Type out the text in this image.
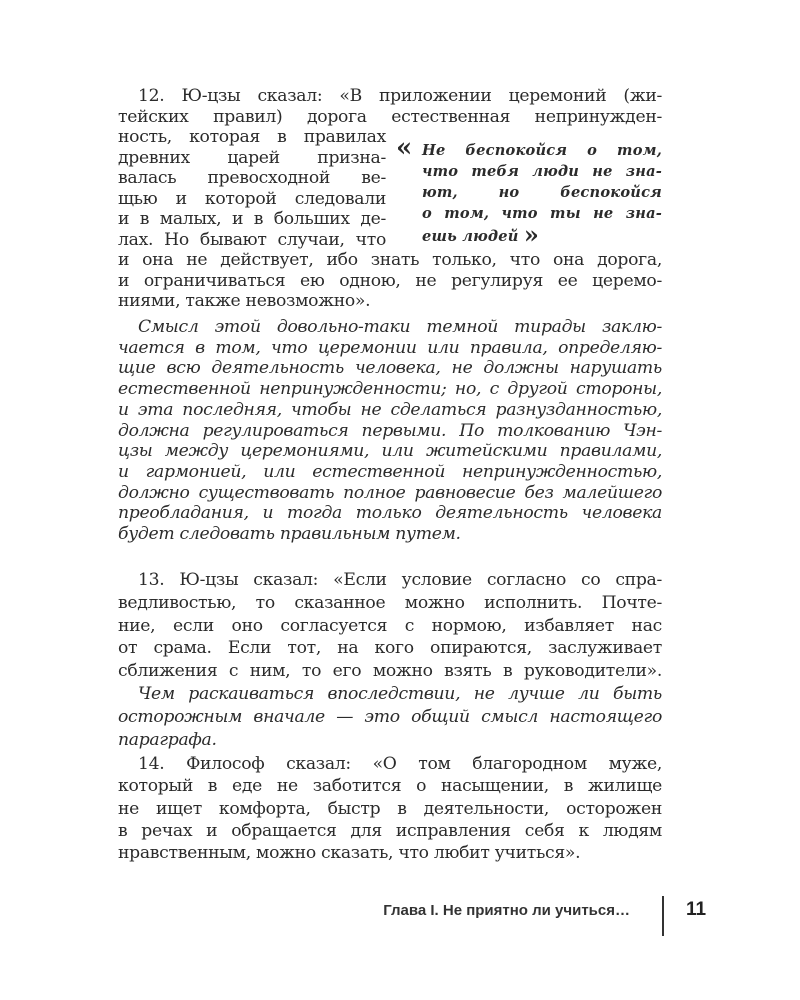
12. Ю-цзы сказал: «В приложении церемоний (жи-
тейских правил) дорога естественная непринужден-
ность, которая в правилах
древних царей призна-
валась превосходной ве-
щью и которой следовали
и в малых, и в больших де-
лах. Но бывают случаи, что
и она не действует, ибо знать только, что она дорога,
и ограничиваться ею одною, не регулируя ее церемо-
ниями, также невозможно».
« Не беспокойся о том,
что тебя люди не зна-
ют, но беспокойся
о том, что ты не зна-
ешь людей »
Смысл этой довольно-таки темной тирады заклю-
чается в том, что церемонии или правила, определяю-
щие всю деятельность человека, не должны нарушать
естественной непринужденности; но, с другой стороны,
и эта последняя, чтобы не сделаться разнузданностью,
должна регулироваться первыми. По толкованию Чэн-
цзы между церемониями, или житейскими правилами,
и гармонией, или естественной непринужденностью,
должно существовать полное равновесие без малейшего
преобладания, и тогда только деятельность человека
будет следовать правильным путем.
13. Ю-цзы сказал: «Если условие согласно со спра-
ведливостью, то сказанное можно исполнить. Почте-
ние, если оно согласуется с нормою, избавляет нас
от срама. Если тот, на кого опираются, заслуживает
сближения с ним, то его можно взять в руководители».
Чем раскаиваться впоследствии, не лучше ли быть
осторожным вначале — это общий смысл настоящего
параграфа.
14. Философ сказал: «О том благородном муже,
который в еде не заботится о насыщении, в жилище
не ищет комфорта, быстр в деятельности, осторожен
в речах и обращается для исправления себя к людям
нравственным, можно сказать, что любит учиться».
Глава I. Не приятно ли учиться…	11
